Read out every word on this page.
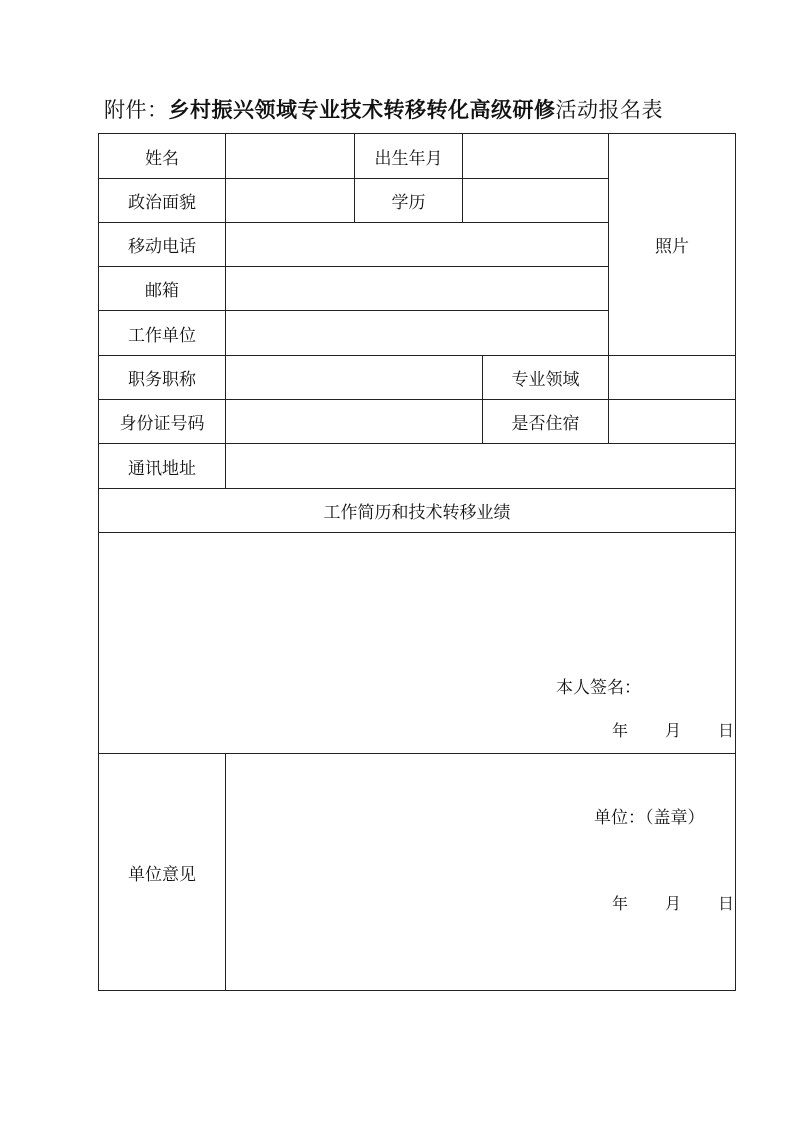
附件：乡村振兴领域专业技术转移转化高级研修活动报名表
姓名	出生年月
照片
政治面貌	学历
移动电话
邮箱
工作单位
职务职称	专业领域
身份证号码	是否住宿
通讯地址
工作简历和技术转移业绩
单位意见
本人签名：
年 月 日
单位：（盖章）
年 月 日
